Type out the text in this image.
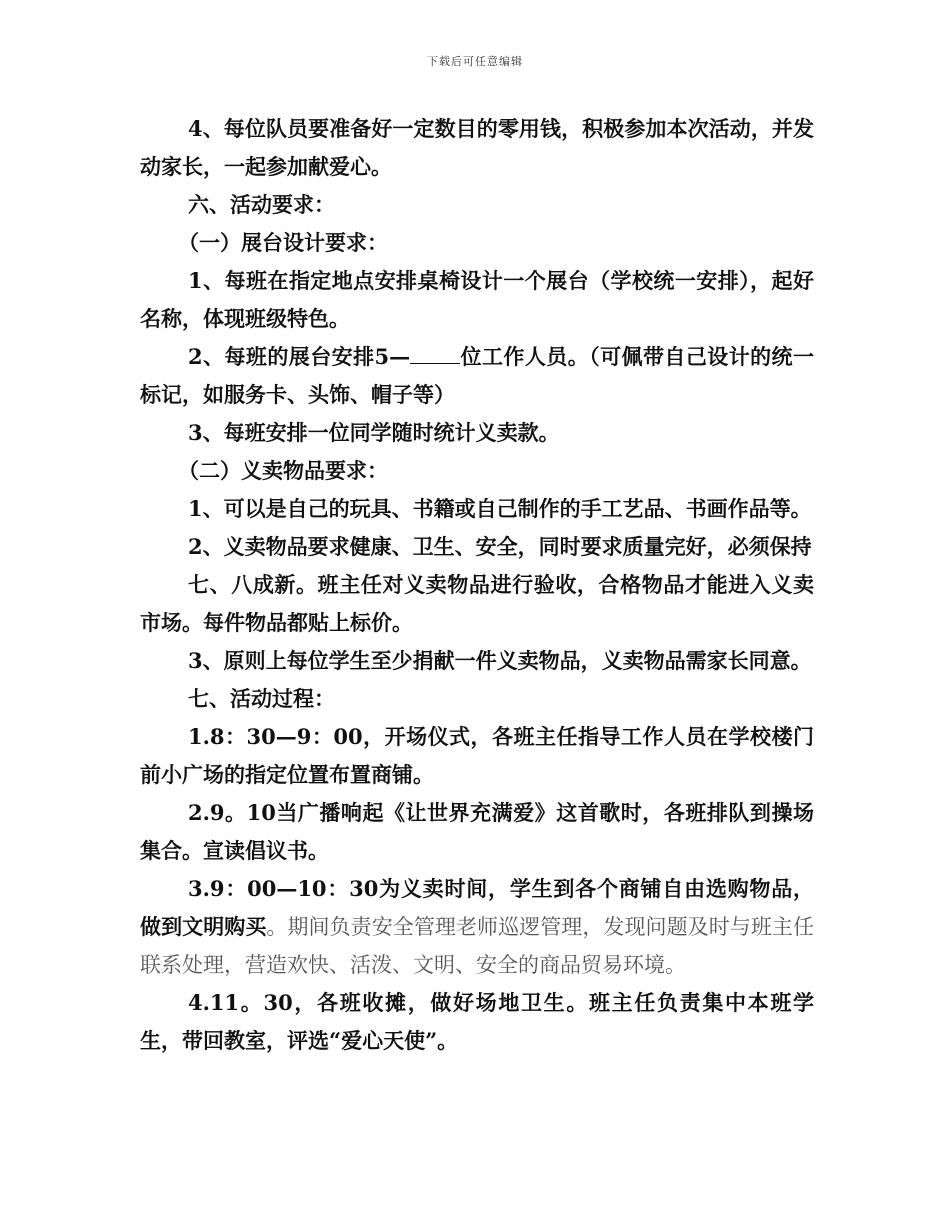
下载后可任意编辑

4、每位队员要准备好一定数目的零用钱，积极参加本次活动，并发动家长，一起参加献爱心。

六、活动要求：

（一）展台设计要求：

1、每班在指定地点安排桌椅设计一个展台（学校统一安排），起好名称，体现班级特色。

2、每班的展台安排5— 位工作人员。（可佩带自己设计的统一标记，如服务卡、头饰、帽子等）

3、每班安排一位同学随时统计义卖款。

（二）义卖物品要求：

1、可以是自己的玩具、书籍或自己制作的手工艺品、书画作品等。

2、义卖物品要求健康、卫生、安全，同时要求质量完好，必须保持

七、八成新。班主任对义卖物品进行验收，合格物品才能进入义卖市场。每件物品都贴上标价。

3、原则上每位学生至少捐献一件义卖物品，义卖物品需家长同意。

七、活动过程：

1.8：30—9：00，开场仪式，各班主任指导工作人员在学校楼门前小广场的指定位置布置商铺。

2.9。10当广播响起《让世界充满爱》这首歌时，各班排队到操场集合。宣读倡议书。

3.9：00—10：30为义卖时间，学生到各个商铺自由选购物品，做到文明购买。期间负责安全管理老师巡逻管理，发现问题及时与班主任联系处理，营造欢快、活泼、文明、安全的商品贸易环境。

4.11。30，各班收摊，做好场地卫生。班主任负责集中本班学生，带回教室，评选“爱心天使”。
